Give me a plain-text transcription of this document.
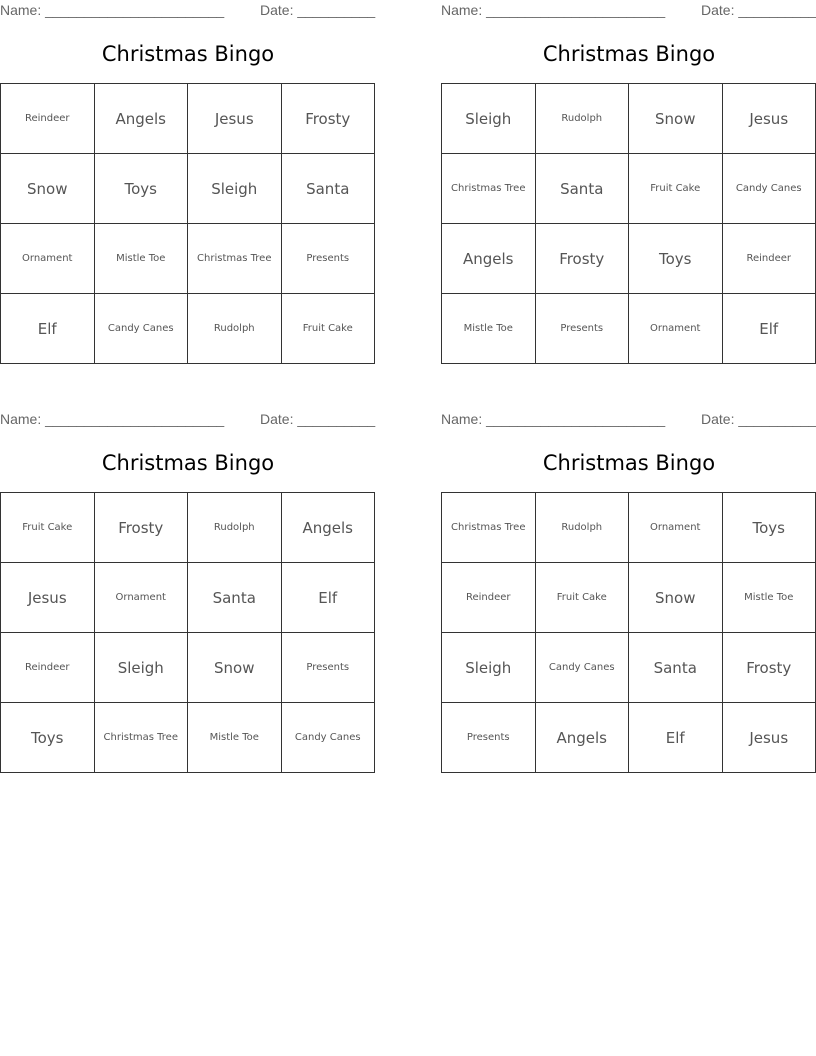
Name: _______________________	Date: __________
Christmas Bingo
Reindeer	Angels	Jesus	Frosty
Snow	Toys	Sleigh	Santa
Ornament	Mistle Toe	Christmas Tree	Presents
Elf	Candy Canes	Rudolph	Fruit Cake
Name: _______________________	Date: __________
Christmas Bingo
Sleigh	Rudolph	Snow	Jesus
Christmas Tree	Santa	Fruit Cake	Candy Canes
Angels	Frosty	Toys	Reindeer
Mistle Toe	Presents	Ornament	Elf
Name: _______________________	Date: __________
Christmas Bingo
Fruit Cake	Frosty	Rudolph	Angels
Jesus	Ornament	Santa	Elf
Reindeer	Sleigh	Snow	Presents
Toys	Christmas Tree	Mistle Toe	Candy Canes
Name: _______________________	Date: __________
Christmas Bingo
Christmas Tree	Rudolph	Ornament	Toys
Reindeer	Fruit Cake	Snow	Mistle Toe
Sleigh	Candy Canes	Santa	Frosty
Presents	Angels	Elf	Jesus
